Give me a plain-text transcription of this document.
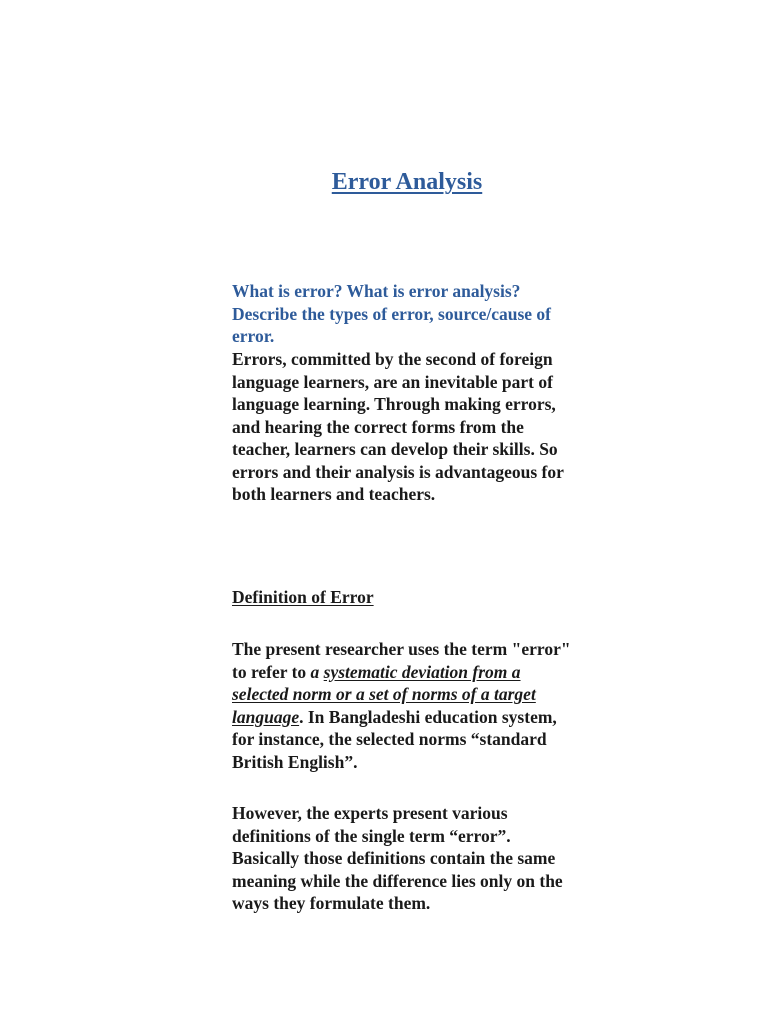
Error Analysis

What is error? What is error analysis? Describe the types of error, source/cause of error.

Errors, committed by the second of foreign language learners, are an inevitable part of language learning. Through making errors, and hearing the correct forms from the teacher, learners can develop their skills. So errors and their analysis is advantageous for both learners and teachers.

Definition of Error

The present researcher uses the term "error" to refer to a systematic deviation from a selected norm or a set of norms of a target language. In Bangladeshi education system, for instance, the selected norms “standard British English”.

However, the experts present various definitions of the single term “error”. Basically those definitions contain the same meaning while the difference lies only on the ways they formulate them.
